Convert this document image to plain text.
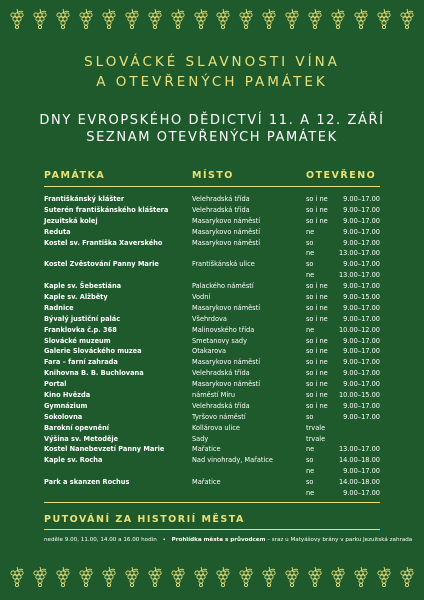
SLOVÁCKÉ SLAVNOSTI VÍNA
A OTEVŘENÝCH PAMÁTEK
DNY EVROPSKÉHO DĚDICTVÍ 11. A 12. ZÁŘÍ
SEZNAM OTEVŘENÝCH PAMÁTEK
PAMÁTKA	MÍSTO	OTEVŘENO
Františkánský klášter	Velehradská třída	so i ne 9.00–17.00
Suterén františkánského kláštera	Velehradská třída	so i ne 9.00–17.00
Jezuitská kolej	Masarykovo náměstí	so i ne 9.00–17.00
Reduta	Masarykovo náměstí	ne	9.00–17.00
Kostel sv. Františka Xaverského	Masarykovo náměstí	so	9.00–17.00
ne	13.00–17.00
Kostel Zvěstování Panny Marie	Františkánská ulice	so	9.00–17.00
ne	13.00–17.00
Kaple sv. Šebestiána	Palackého náměstí	so i ne 9.00–17.00
Kaple sv. Alžběty	Vodní	so i ne 9.00–15.00
Radnice	Masarykovo náměstí	so i ne 9.00–17.00
Bývalý justiční palác	Všehrdova	so i ne 9.00–17.00
Franklovka č.p. 368	Malinovského třída	ne	10.00–12.00
Slovácké muzeum	Smetanovy sady	so i ne 9.00–17.00
Galerie Slováckého muzea	Otakarova	so i ne 9.00–17.00
Fara – farní zahrada	Masarykovo náměstí	so i ne 9.00–17.00
Knihovna B. B. Buchlovana	Velehradská třída	so i ne 9.00–17.00
Portal	Masarykovo náměstí	so i ne 9.00–17.00
Kino Hvězda	náměstí Míru	so i ne 10.00–15.00
Gymnázium	Velehradská třída	so i ne 9.00–17.00
Sokolovna	Tyršovo náměstí	so	9.00–17.00
Barokní opevnění	Kollárova ulice	trvale
Výšina sv. Metoděje	Sady	trvale
Kostel Nanebevzetí Panny Marie	Mařatice	ne	13.00–17.00
Kaple sv. Rocha	Nad vinohrady, Mařatice	so	14.00–18.00
ne	9.00–17.00
Park a skanzen Rochus	Mařatice	so	14.00–18.00
ne	9.00–17.00
PUTOVÁNÍ ZA HISTORIÍ MĚSTA
neděle 9.00, 11.00, 14.00 a 16.00 hodin • Prohlídka města s průvodcem – sraz u Matyášovy brány v parku Jezuitská zahrada
